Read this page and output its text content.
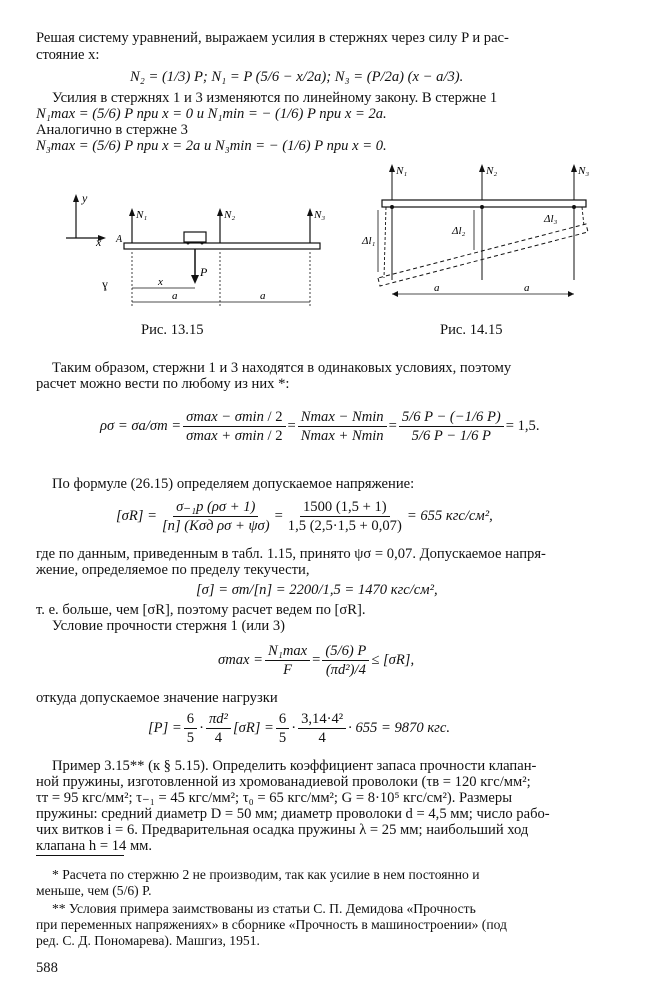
Решая систему уравнений, выражаем усилия в стержнях через силу P и рас-
стояние x:
N₂ = (1/3) P; N₁ = P (5/6 − x/2a); N₃ = (P/2a) (x − a/3).
Усилия в стержнях 1 и 3 изменяются по линейному закону. В стержне 1
N₁max = (5/6) P при x = 0 и N₁min = − (1/6) P при x = 2a.
Аналогично в стержне 3
N₃max = (5/6) P при x = 2a и N₃min = − (1/6) P при x = 0.
y
x A
N₁	N₂	N₃
P
x
a	a
ɣ
Рис. 13.15
N₁	N₂	N₃
Δl₁
Δl₂
Δl₃
a	a
Рис. 14.15
Таким образом, стержни 1 и 3 находятся в одинаковых условиях, поэтому
расчет можно вести по любому из них *:
$\rho\sigma = \sigma a/\sigma m = \frac{\sigma\max - \sigma\min / 2}{\sigma\max + \sigma\min / 2} = \frac{Nmax - Nmin}{Nmax + Nmin} = \frac{5/6 P - (-1/6 P)}{5/6 P - 1/6 P} = 1,5$.
По формуле (26.15) определяем допускаемое напряжение:
$[\sigma R] = \frac{\text{σ₋₁р (ρσ + 1)}}{\text{[n] (Kσд ρσ + ψσ)}} = \frac{1500 (1,5 + 1)}{1,5 (2,5\cdot 1,5 + 0,07)} = 655$ кгс/см²,
где по данным, приведенным в табл. 1.15, принято ψσ = 0,07. Допускаемое напря-
жение, определяемое по пределу текучести,
[σ] = σт/[n] = 2200/1,5 = 1470 кгс/см²,
т. е. больше, чем [σR], поэтому расчет ведем по [σR].
Условие прочности стержня 1 (или 3)
$\sigma\max = \frac{\text{N₁max}}{F} = \frac{(5/6) P}{\text{(πd²)/4}} \le [\sigma R]$,
откуда допускаемое значение нагрузки
$[P] = \frac{6}{5} \cdot \frac{\text{πd²}}{4} [\sigma R] = \frac{6}{5} \cdot \frac{\text{3,14·4²}}{4} \cdot 655 = 9870$ кгс.
Пример 3.15** (к § 5.15). Определить коэффициент запаса прочности клапан-
ной пружины, изготовленной из хромованадиевой проволоки (τв = 120 кгс/мм²;
τт = 95 кгс/мм²; τ₋₁ = 45 кгс/мм²; τ₀ = 65 кгс/мм²; G = 8·10⁵ кгс/см²). Размеры
пружины: средний диаметр D = 50 мм; диаметр проволоки d = 4,5 мм; число рабо-
чих витков i = 6. Предварительная осадка пружины λ = 25 мм; наибольший ход
клапана h = 14 мм.
* Расчета по стержню 2 не производим, так как усилие в нем постоянно и
меньше, чем (5/6) P.
** Условия примера заимствованы из статьи С. П. Демидова «Прочность
при переменных напряжениях» в сборнике «Прочность в машиностроении» (под
ред. С. Д. Пономарева). Машгиз, 1951.
588
